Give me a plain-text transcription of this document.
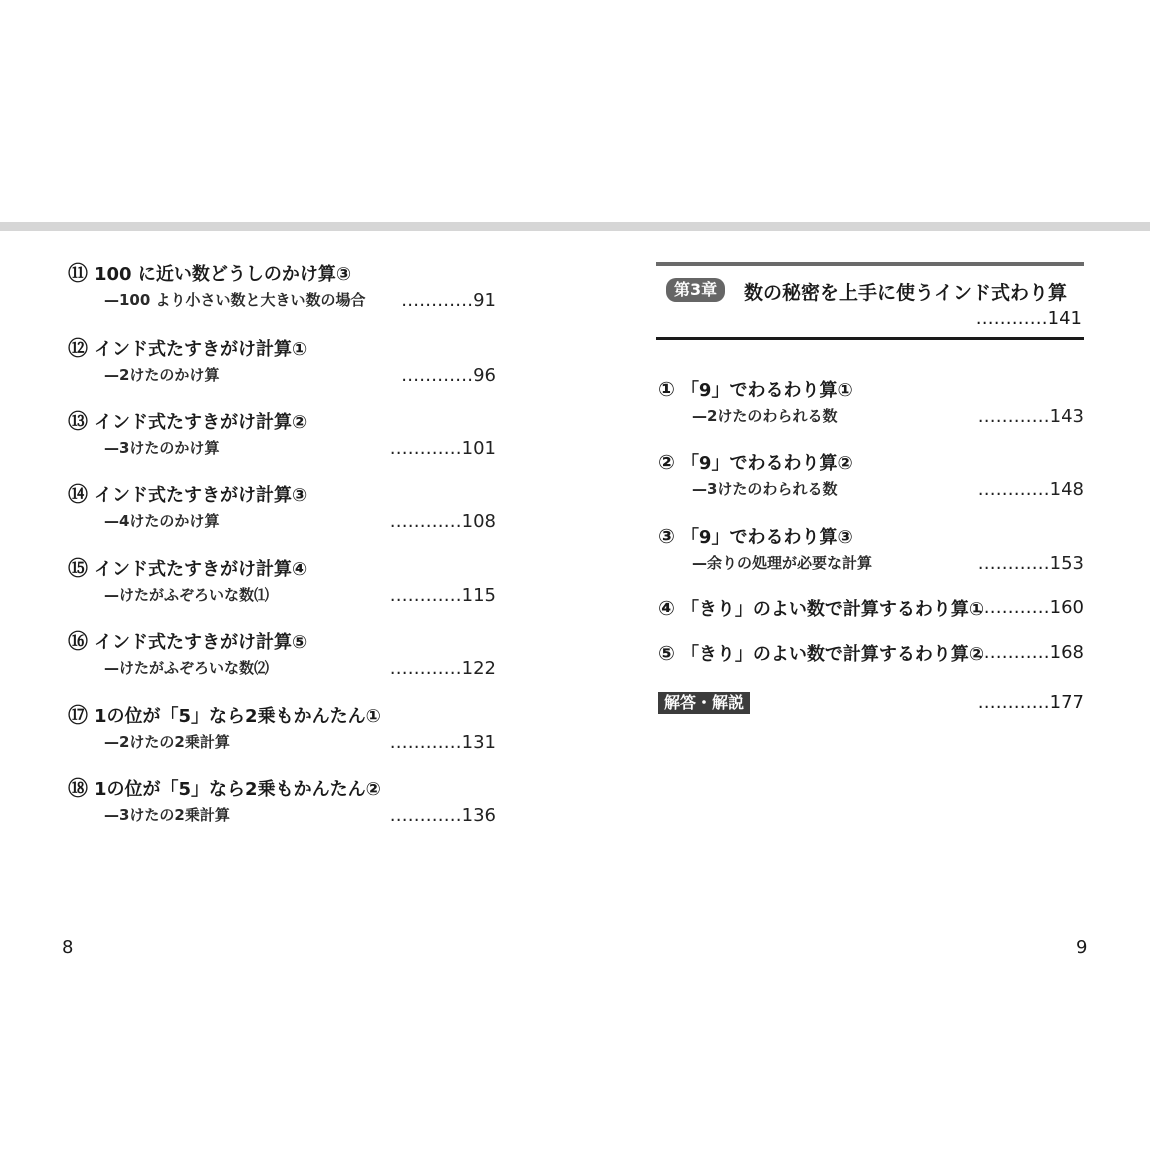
⑪ 100 に近い数どうしのかけ算③
—100 より小さい数と大きい数の場合 …………91
⑫ インド式たすきがけ計算①
—2けたのかけ算	…………96
⑬ インド式たすきがけ計算②
—3けたのかけ算	…………101
⑭ インド式たすきがけ計算③
—4けたのかけ算	…………108
⑮ インド式たすきがけ計算④
—けたがふぞろいな数⑴	…………115
⑯ インド式たすきがけ計算⑤
—けたがふぞろいな数⑵	…………122
⑰ 1の位が「5」なら2乗もかんたん①
—2けたの2乗計算	…………131
⑱ 1の位が「5」なら2乗もかんたん②
—3けたの2乗計算	…………136
8
第3章	数の秘密を上手に使うインド式わり算
…………141
① 「9」でわるわり算①
—2けたのわられる数	…………143
② 「9」でわるわり算②
—3けたのわられる数	…………148
③ 「9」でわるわり算③
—余りの処理が必要な計算	…………153
④ 「きり」のよい数で計算するわり算①
…………160
⑤ 「きり」のよい数で計算するわり算②
…………168
解答・解説	…………177
9
